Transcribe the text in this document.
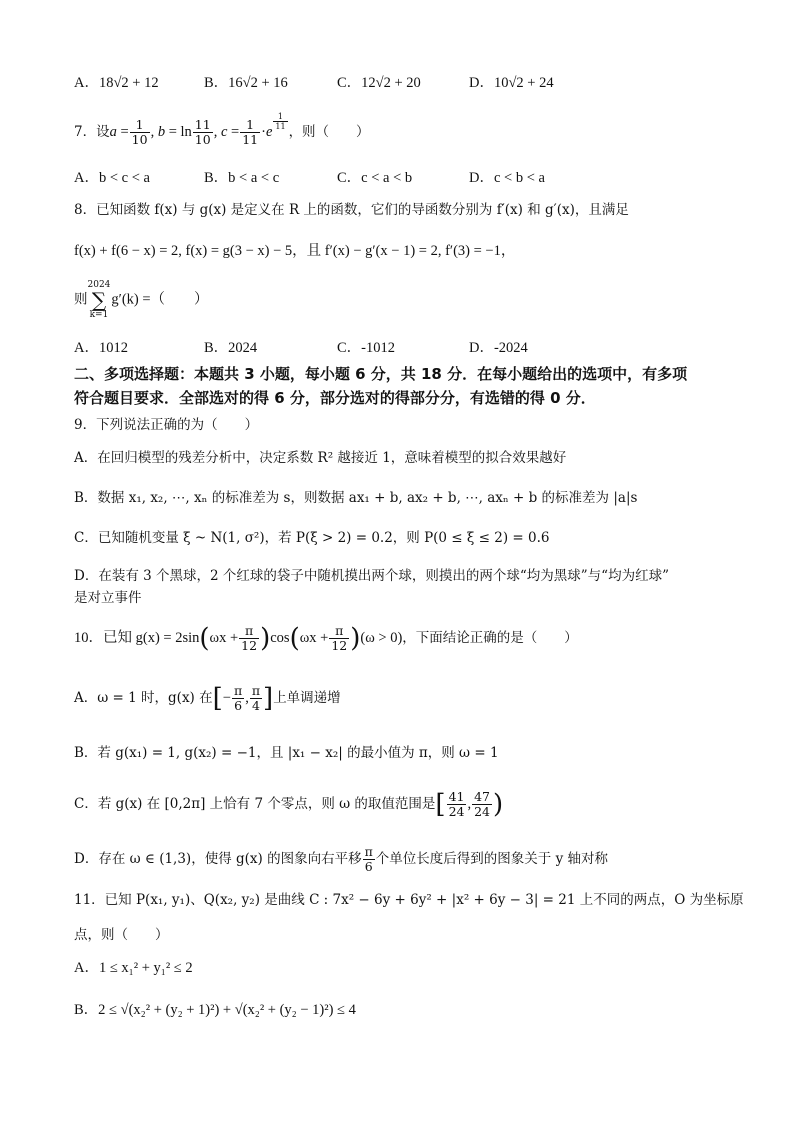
A．18√2 + 12	B．16√2 + 16	C．12√2 + 20	D．10√2 + 24
7．设$a = \frac{1}{10}$ , $b = \ln \frac{11}{10}$ , $c = \frac{1}{11} \cdot e$
$\frac{1}{11}$
，则（　　）
A．b < c < a	B．b < a < c	C．c < a < b	D．c < b < a
8．已知函数 f(x) 与 g(x) 是定义在 R 上的函数，它们的导函数分别为 f′(x) 和 g′(x)，且满足
f(x) + f(6 − x) = 2, f(x) = g(3 − x) − 5，且 f′(x) − g′(x − 1) = 2, f′(3) = −1，
则2024
∑
k=1g′(k) =（　　）
A．1012	B．2024	C．-1012	D．-2024
二、多项选择题：本题共 3 小题，每小题 6 分，共 18 分．在每小题给出的选项中，有多项
符合题目要求．全部选对的得 6 分，部分选对的得部分分，有选错的得 0 分．
9．下列说法正确的为（　　）
A．在回归模型的残差分析中，决定系数 R² 越接近 1，意味着模型的拟合效果越好
B．数据 x₁, x₂, ⋯, xₙ 的标准差为 s，则数据 ax₁ + b, ax₂ + b, ⋯, axₙ + b 的标准差为 |a|s
C．已知随机变量 ξ ~ N(1, σ²)，若 P(ξ > 2) = 0.2，则 P(0 ≤ ξ ≤ 2) = 0.6
D．在装有 3 个黑球，2 个红球的袋子中随机摸出两个球，则摸出的两个球“均为黑球”与“均为红球”
是对立事件
10．已知 $g(x) = 2\sin(\omega x + \frac{\pi}{12} )\cos(\omega x + \frac{\pi}{12} )(\omega > 0)$，下面结论正确的是（　　）
A．ω = 1 时，g(x) 在[− $\frac{\pi}{6}$ , $\frac{\pi}{4}$ ]上单调递增
B．若 g(x₁) = 1, g(x₂) = −1，且 |x₁ − x₂| 的最小值为 π，则 ω = 1
C．若 g(x) 在 [0,2π] 上恰有 7 个零点，则 ω 的取值范围是[ $\frac{41}{24}$ , $\frac{47}{24}$ )
D．存在 ω ∈ (1,3)，使得 g(x) 的图象向右平移 $\frac{\pi}{6}$ 个单位长度后得到的图象关于 y 轴对称
11．已知 P(x₁, y₁)、Q(x₂, y₂) 是曲线 C : 7x² − 6y + 6y² + |x² + 6y − 3| = 21 上不同的两点，O 为坐标原
点，则（　　）
A．1 ≤ x₁² + y₁² ≤ 2
B．2 ≤ √(x₂² + (y₂ + 1)²) + √(x₂² + (y₂ − 1)²) ≤ 4
